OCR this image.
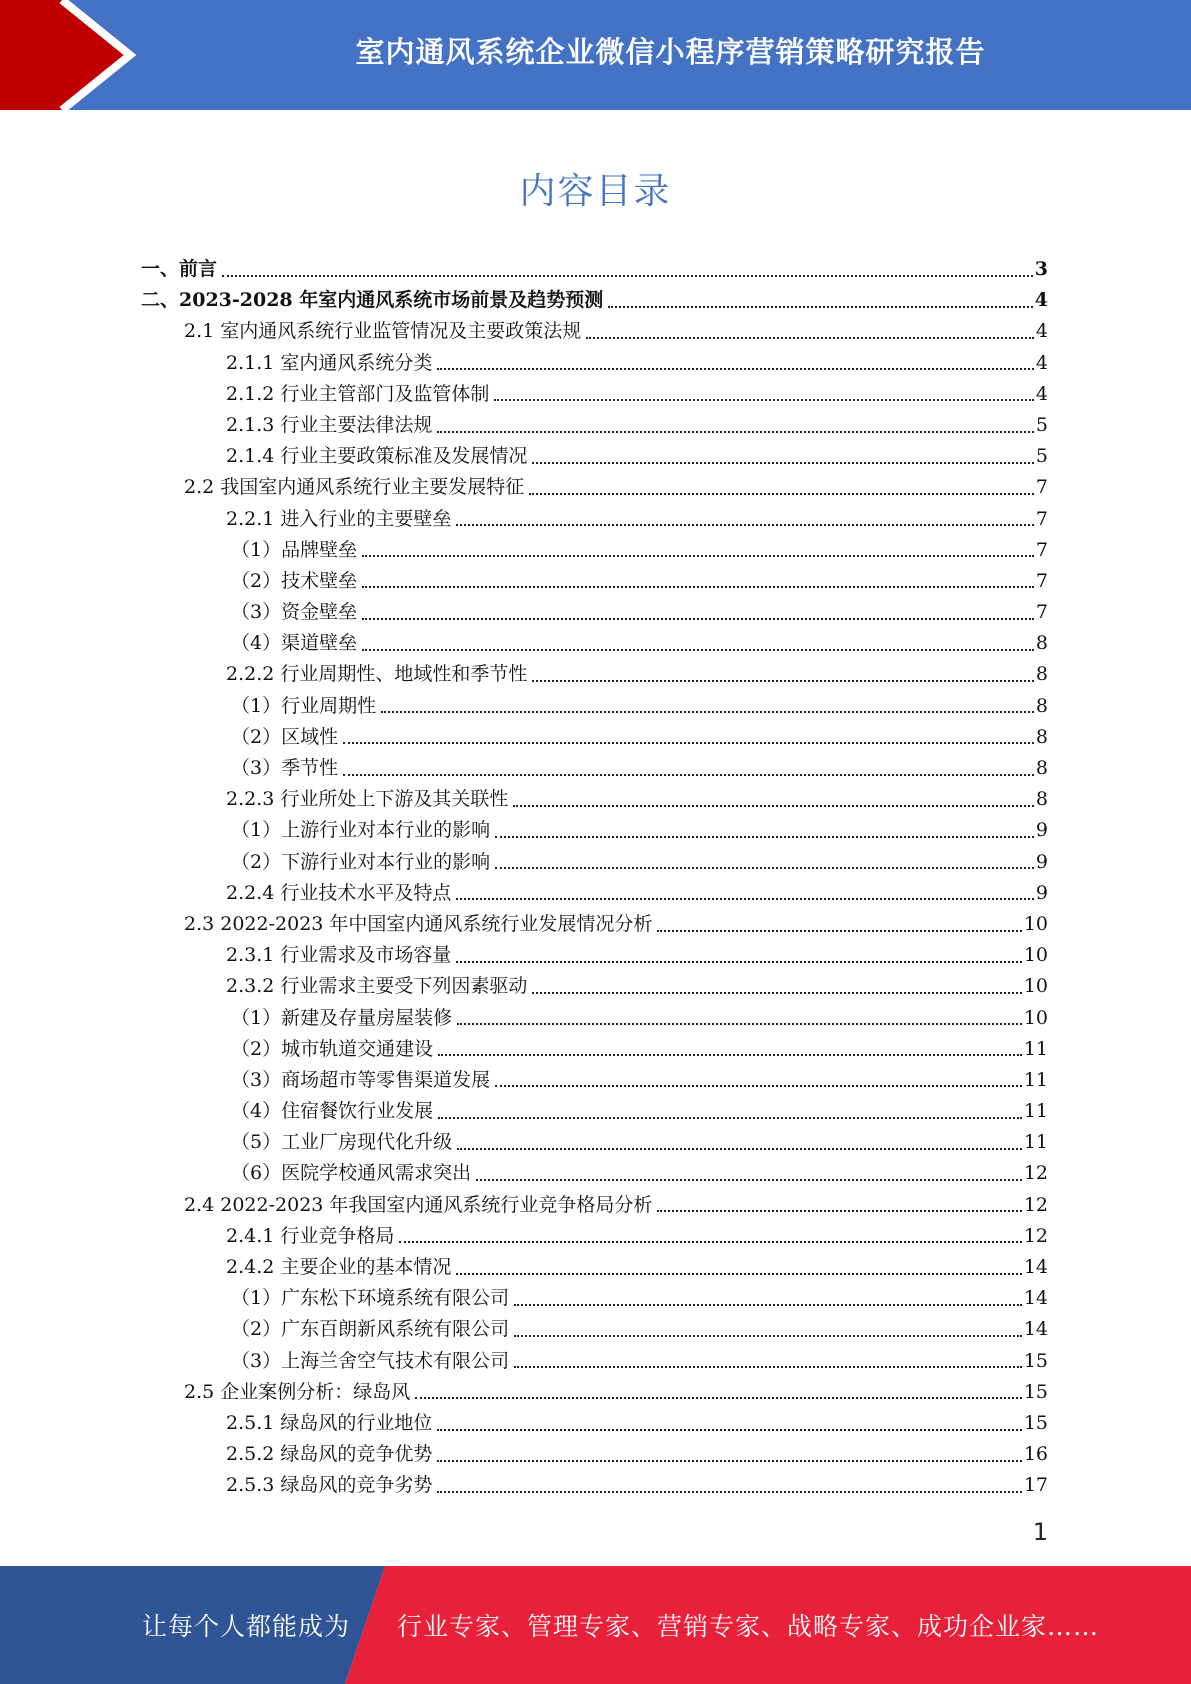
室内通风系统企业微信小程序营销策略研究报告
内容目录
一、前言	3
二、2023-2028 年室内通风系统市场前景及趋势预测	4
2.1 室内通风系统行业监管情况及主要政策法规	4
2.1.1 室内通风系统分类	4
2.1.2 行业主管部门及监管体制	4
2.1.3 行业主要法律法规	5
2.1.4 行业主要政策标准及发展情况	5
2.2 我国室内通风系统行业主要发展特征	7
2.2.1 进入行业的主要壁垒	7
（1）品牌壁垒	7
（2）技术壁垒	7
（3）资金壁垒	7
（4）渠道壁垒	8
2.2.2 行业周期性、地域性和季节性	8
（1）行业周期性	8
（2）区域性	8
（3）季节性	8
2.2.3 行业所处上下游及其关联性	8
（1）上游行业对本行业的影响	9
（2）下游行业对本行业的影响	9
2.2.4 行业技术水平及特点	9
2.3 2022-2023 年中国室内通风系统行业发展情况分析	10
2.3.1 行业需求及市场容量	10
2.3.2 行业需求主要受下列因素驱动	10
（1）新建及存量房屋装修	10
（2）城市轨道交通建设	11
（3）商场超市等零售渠道发展	11
（4）住宿餐饮行业发展	11
（5）工业厂房现代化升级	11
（6）医院学校通风需求突出	12
2.4 2022-2023 年我国室内通风系统行业竞争格局分析	12
2.4.1 行业竞争格局	12
2.4.2 主要企业的基本情况	14
（1）广东松下环境系统有限公司	14
（2）广东百朗新风系统有限公司	14
（3）上海兰舍空气技术有限公司	15
2.5 企业案例分析：绿岛风	15
2.5.1 绿岛风的行业地位	15
2.5.2 绿岛风的竞争优势	16
2.5.3 绿岛风的竞争劣势	17
1
让每个人都能成为 行业专家、管理专家、营销专家、战略专家、成功企业家……
